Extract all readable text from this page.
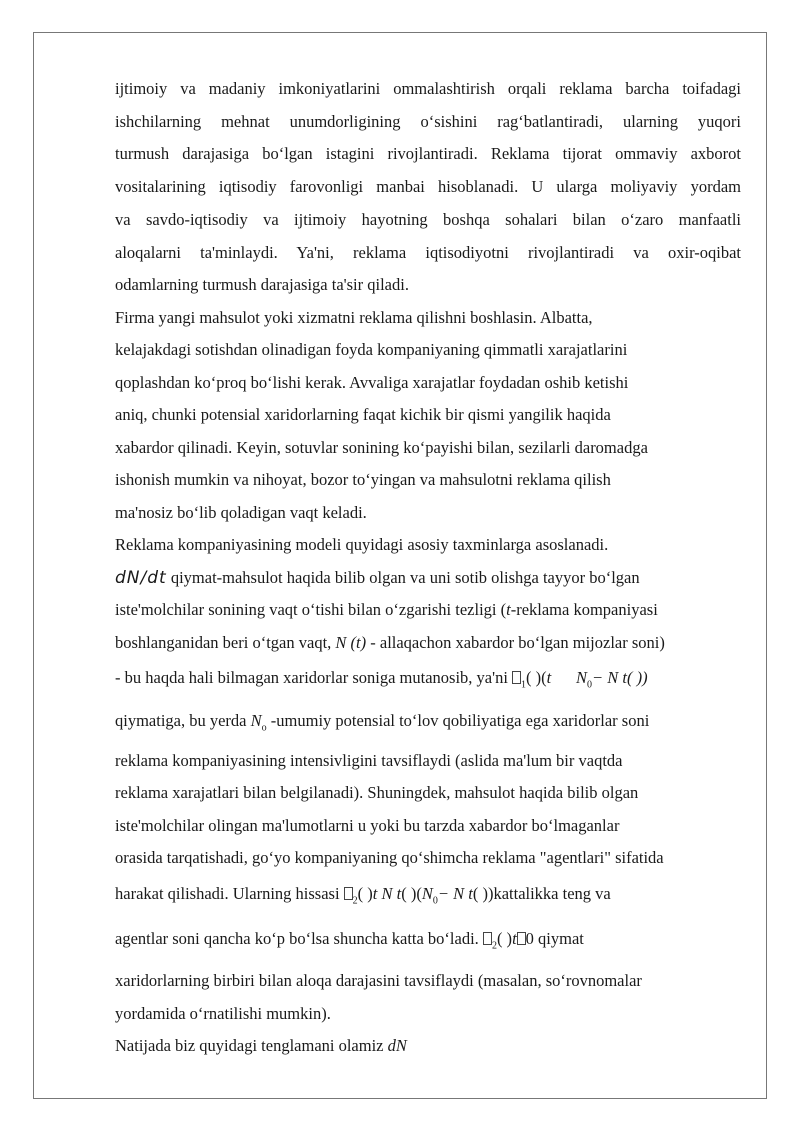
ijtimoiy va madaniy imkoniyatlarini ommalashtirish orqali reklama barcha toifadagi

ishchilarning mehnat unumdorligining o‘sishini rag‘batlantiradi, ularning yuqori

turmush darajasiga bo‘lgan istagini rivojlantiradi. Reklama tijorat ommaviy axborot

vositalarining iqtisodiy farovonligi manbai hisoblanadi. U ularga moliyaviy yordam

va savdo-iqtisodiy va ijtimoiy hayotning boshqa sohalari bilan o‘zaro manfaatli

aloqalarni ta'minlaydi. Ya'ni, reklama iqtisodiyotni rivojlantiradi va oxir-oqibat

odamlarning turmush darajasiga ta'sir qiladi.

Firma yangi mahsulot yoki xizmatni reklama qilishni boshlasin. Albatta,

kelajakdagi sotishdan olinadigan foyda kompaniyaning qimmatli xarajatlarini

qoplashdan ko‘proq bo‘lishi kerak. Avvaliga xarajatlar foydadan oshib ketishi

aniq, chunki potensial xaridorlarning faqat kichik bir qismi yangilik haqida

xabardor qilinadi. Keyin, sotuvlar sonining ko‘payishi bilan, sezilarli daromadga

ishonish mumkin va nihoyat, bozor to‘yingan va mahsulotni reklama qilish

ma'nosiz bo‘lib qoladigan vaqt keladi.

Reklama kompaniyasining modeli quyidagi asosiy taxminlarga asoslanadi.

dN/dt qiymat-mahsulot haqida bilib olgan va uni sotib olishga tayyor bo‘lgan

iste'molchilar sonining vaqt o‘tishi bilan o‘zgarishi tezligi (t-reklama kompaniyasi

boshlanganidan beri o‘tgan vaqt, N (t) - allaqachon xabardor bo‘lgan mijozlar soni)

- bu haqda hali bilmagan xaridorlar soniga mutanosib, ya'ni $_1$( )(t $N_0- N$ t( ))

qiymatiga, bu yerda $N_o$ -umumiy potensial to‘lov qobiliyatiga ega xaridorlar soni

reklama kompaniyasining intensivligini tavsiflaydi (aslida ma'lum bir vaqtda

reklama xarajatlari bilan belgilanadi). Shuningdek, mahsulot haqida bilib olgan

iste'molchilar olingan ma'lumotlarni u yoki bu tarzda xabardor bo‘lmaganlar

orasida tarqatishadi, go‘yo kompaniyaning qo‘shimcha reklama "agentlari" sifatida

harakat qilishadi. Ularning hissasi $_2$( )t N t( )($N_0- N$ t( ))kattalikka teng va

agentlar soni qancha ko‘p bo‘lsa shuncha katta bo‘ladi. $_2$( )t 0 qiymat

xaridorlarning birbiri bilan aloqa darajasini tavsiflaydi (masalan, so‘rovnomalar

yordamida o‘rnatilishi mumkin).

Natijada biz quyidagi tenglamani olamiz dN
